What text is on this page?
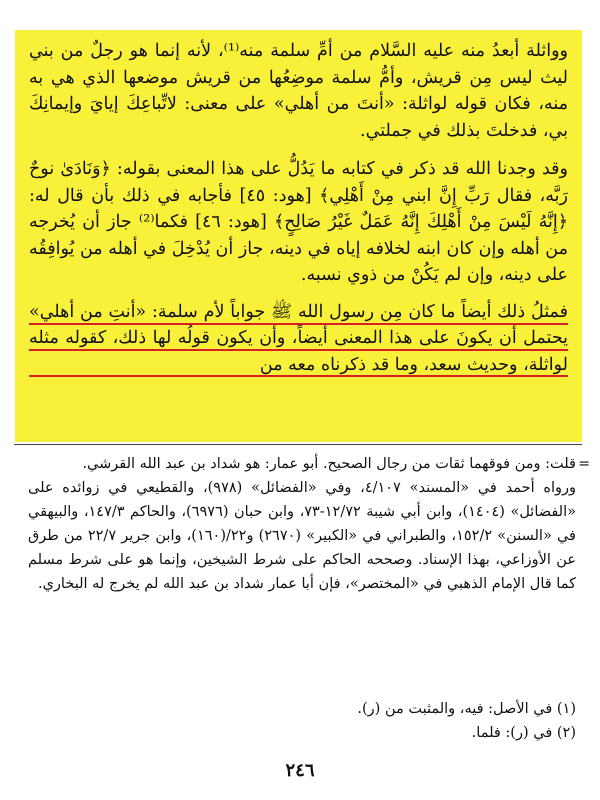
وواثلة أبعدُ منه عليه السَّلام من أمِّ سلمة منه⁽¹⁾، لأنه إنما هو رجلٌ من بني ليث ليس مِن قريش، وأمُّ سلمة موضِعُها من قريش موضعها الذي هي به منه، فكان قوله لواثلة: «أنتَ من أهلي» على معنى: لاتِّباعِكَ إيايَ وإيمانِكَ بي، فدخلتَ بذلك في جملتي.

وقد وجدنا الله قد ذكر في كتابه ما يَدُلُّ على هذا المعنى بقوله: ﴿وَنَادَىٰ نوحٌ رَبَّه، فقال رَبِّ إِنَّ ابني مِنْ أَهْلِي﴾ [هود: ٤٥] فأجابه في ذلك بأن قال له: ﴿إِنَّهُ لَيْسَ مِنْ أَهْلِكَ إِنَّهُ عَمَلٌ غَيْرُ صَالِحٍ﴾ [هود: ٤٦] فكما⁽²⁾ جاز أن يُخرجه من أهله وإن كان ابنه لخلافه إياه في دينه، جاز أن يُدْخِلَ في أهله من يُوافِقُه على دينه، وإن لم يَكُنْ من ذوي نسبه.

فمثلُ ذلك أيضاً ما كان مِن رسول الله ﷺ جواباً لأم سلمة: «أنتِ من أهلي» يحتمل أن يكونَ على هذا المعنى أيضاً، وأن يكون قولُه لها ذلك، كقوله مثله لواثلة، وحديث سعد، وما قد ذكرناه معه من

=

قلت: ومن فوقهما ثقات من رجال الصحيح. أبو عمار: هو شداد بن عبد الله القرشي.

ورواه أحمد في «المسند» ٤/١٠٧، وفي «الفضائل» (٩٧٨)، والقطيعي في زوائده على «الفضائل» (١٤٠٤)، وابن أبي شيبة ١٢/٧٢-٧٣، وابن حبان (٦٩٧٦)، والحاكم ١٤٧/٣، والبيهقي في «السنن» ١٥٢/٢، والطبراني في «الكبير» (٢٦٧٠) و٢٢/(١٦٠)، وابن جرير ٢٢/٧ من طرق عن الأوزاعي، بهذا الإسناد. وصححه الحاكم على شرط الشيخين، وإنما هو على شرط مسلم كما قال الإمام الذهبي في «المختصر»، فإن أبا عمار شداد بن عبد الله لم يخرج له البخاري.

(١) في الأصل: فيه، والمثبت من (ر).

(٢) في (ر): فلما.

٢٤٦
